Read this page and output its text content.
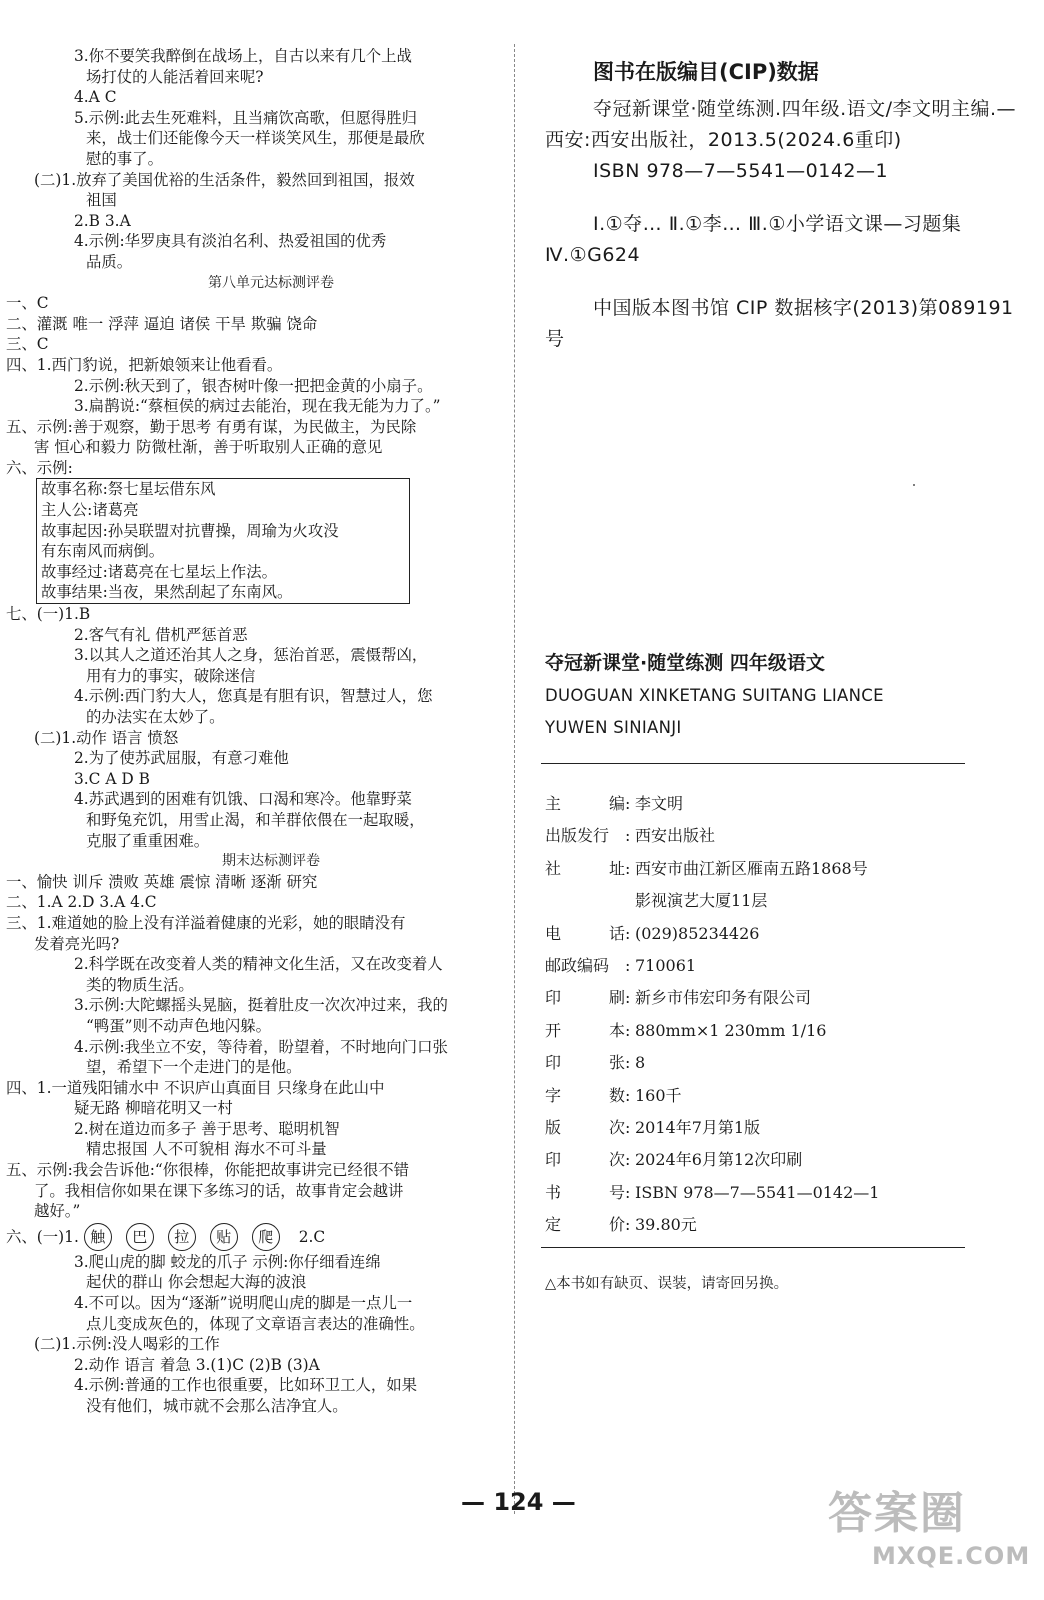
3.你不要笑我醉倒在战场上，自古以来有几个上战
场打仗的人能活着回来呢?
4.A C
5.示例:此去生死难料，且当痛饮高歌，但愿得胜归
来，战士们还能像今天一样谈笑风生，那便是最欣
慰的事了。
(二)1.放弃了美国优裕的生活条件，毅然回到祖国，报效
祖国
2.B 3.A
4.示例:华罗庚具有淡泊名利、热爱祖国的优秀
品质。
第八单元达标测评卷
一、C
二、灌溉 唯一 浮萍 逼迫 诸侯 干旱 欺骗 饶命
三、C
四、1.西门豹说，把新娘领来让他看看。
2.示例:秋天到了，银杏树叶像一把把金黄的小扇子。
3.扁鹊说:“蔡桓侯的病过去能治，现在我无能为力了。”
五、示例:善于观察，勤于思考 有勇有谋，为民做主，为民除
害 恒心和毅力 防微杜渐，善于听取别人正确的意见
六、示例:
故事名称:祭七星坛借东风
主人公:诸葛亮
故事起因:孙吴联盟对抗曹操，周瑜为火攻没
有东南风而病倒。
故事经过:诸葛亮在七星坛上作法。
故事结果:当夜，果然刮起了东南风。
七、(一)1.B
2.客气有礼 借机严惩首恶
3.以其人之道还治其人之身，惩治首恶，震慑帮凶，
用有力的事实，破除迷信
4.示例:西门豹大人，您真是有胆有识，智慧过人，您
的办法实在太妙了。
(二)1.动作 语言 愤怒
2.为了使苏武屈服，有意刁难他
3.C A D B
4.苏武遇到的困难有饥饿、口渴和寒冷。他靠野菜
和野兔充饥，用雪止渴，和羊群依偎在一起取暖，
克服了重重困难。
期末达标测评卷
一、愉快 训斥 溃败 英雄 震惊 清晰 逐渐 研究
二、1.A 2.D 3.A 4.C
三、1.难道她的脸上没有洋溢着健康的光彩，她的眼睛没有
发着亮光吗?
2.科学既在改变着人类的精神文化生活，又在改变着人
类的物质生活。
3.示例:大陀螺摇头晃脑，挺着肚皮一次次冲过来，我的
“鸭蛋”则不动声色地闪躲。
4.示例:我坐立不安，等待着，盼望着，不时地向门口张
望，希望下一个走进门的是他。
四、1.一道残阳铺水中 不识庐山真面目 只缘身在此山中
疑无路 柳暗花明又一村
2.树在道边而多子 善于思考、聪明机智
精忠报国 人不可貌相 海水不可斗量
五、示例:我会告诉他:“你很棒，你能把故事讲完已经很不错
了。我相信你如果在课下多练习的话，故事肯定会越讲
越好。”
六、(一)1. 触 巴 拉 贴 爬 2.C
3.爬山虎的脚 蛟龙的爪子 示例:你仔细看连绵
起伏的群山 你会想起大海的波浪
4.不可以。因为“逐渐”说明爬山虎的脚是一点儿一
点儿变成灰色的，体现了文章语言表达的准确性。
(二)1.示例:没人喝彩的工作
2.动作 语言 着急 3.(1)C (2)B (3)A
4.示例:普通的工作也很重要，比如环卫工人，如果
没有他们，城市就不会那么洁净宜人。
图书在版编目(CIP)数据

夺冠新课堂·随堂练测.四年级.语文/李文明主编.—西安:西安出版社，2013.5(2024.6重印)

ISBN 978—7—5541—0142—1

Ⅰ.①夺… Ⅱ.①李… Ⅲ.①小学语文课—习题集 Ⅳ.①G624

中国版本图书馆 CIP 数据核字(2013)第089191号

夺冠新课堂·随堂练测 四年级语文
DUOGUAN XINKETANG SUITANG LIANCE
YUWEN SINIANJI
主	编 : 李文明
出版发行 : 西安出版社
社	址 : 西安市曲江新区雁南五路1868号
影视演艺大厦11层
电	话 : (029)85234426
邮政编码 : 710061
印	刷 : 新乡市伟宏印务有限公司
开	本 : 880mm×1 230mm 1/16
印	张 : 8
字	数 : 160千
版	次 : 2014年7月第1版
印	次 : 2024年6月第12次印刷
书	号 : ISBN 978—7—5541—0142—1
定	价 : 39.80元
△本书如有缺页、误装，请寄回另换。
— 124 —	答案圈
MXQE.COM
